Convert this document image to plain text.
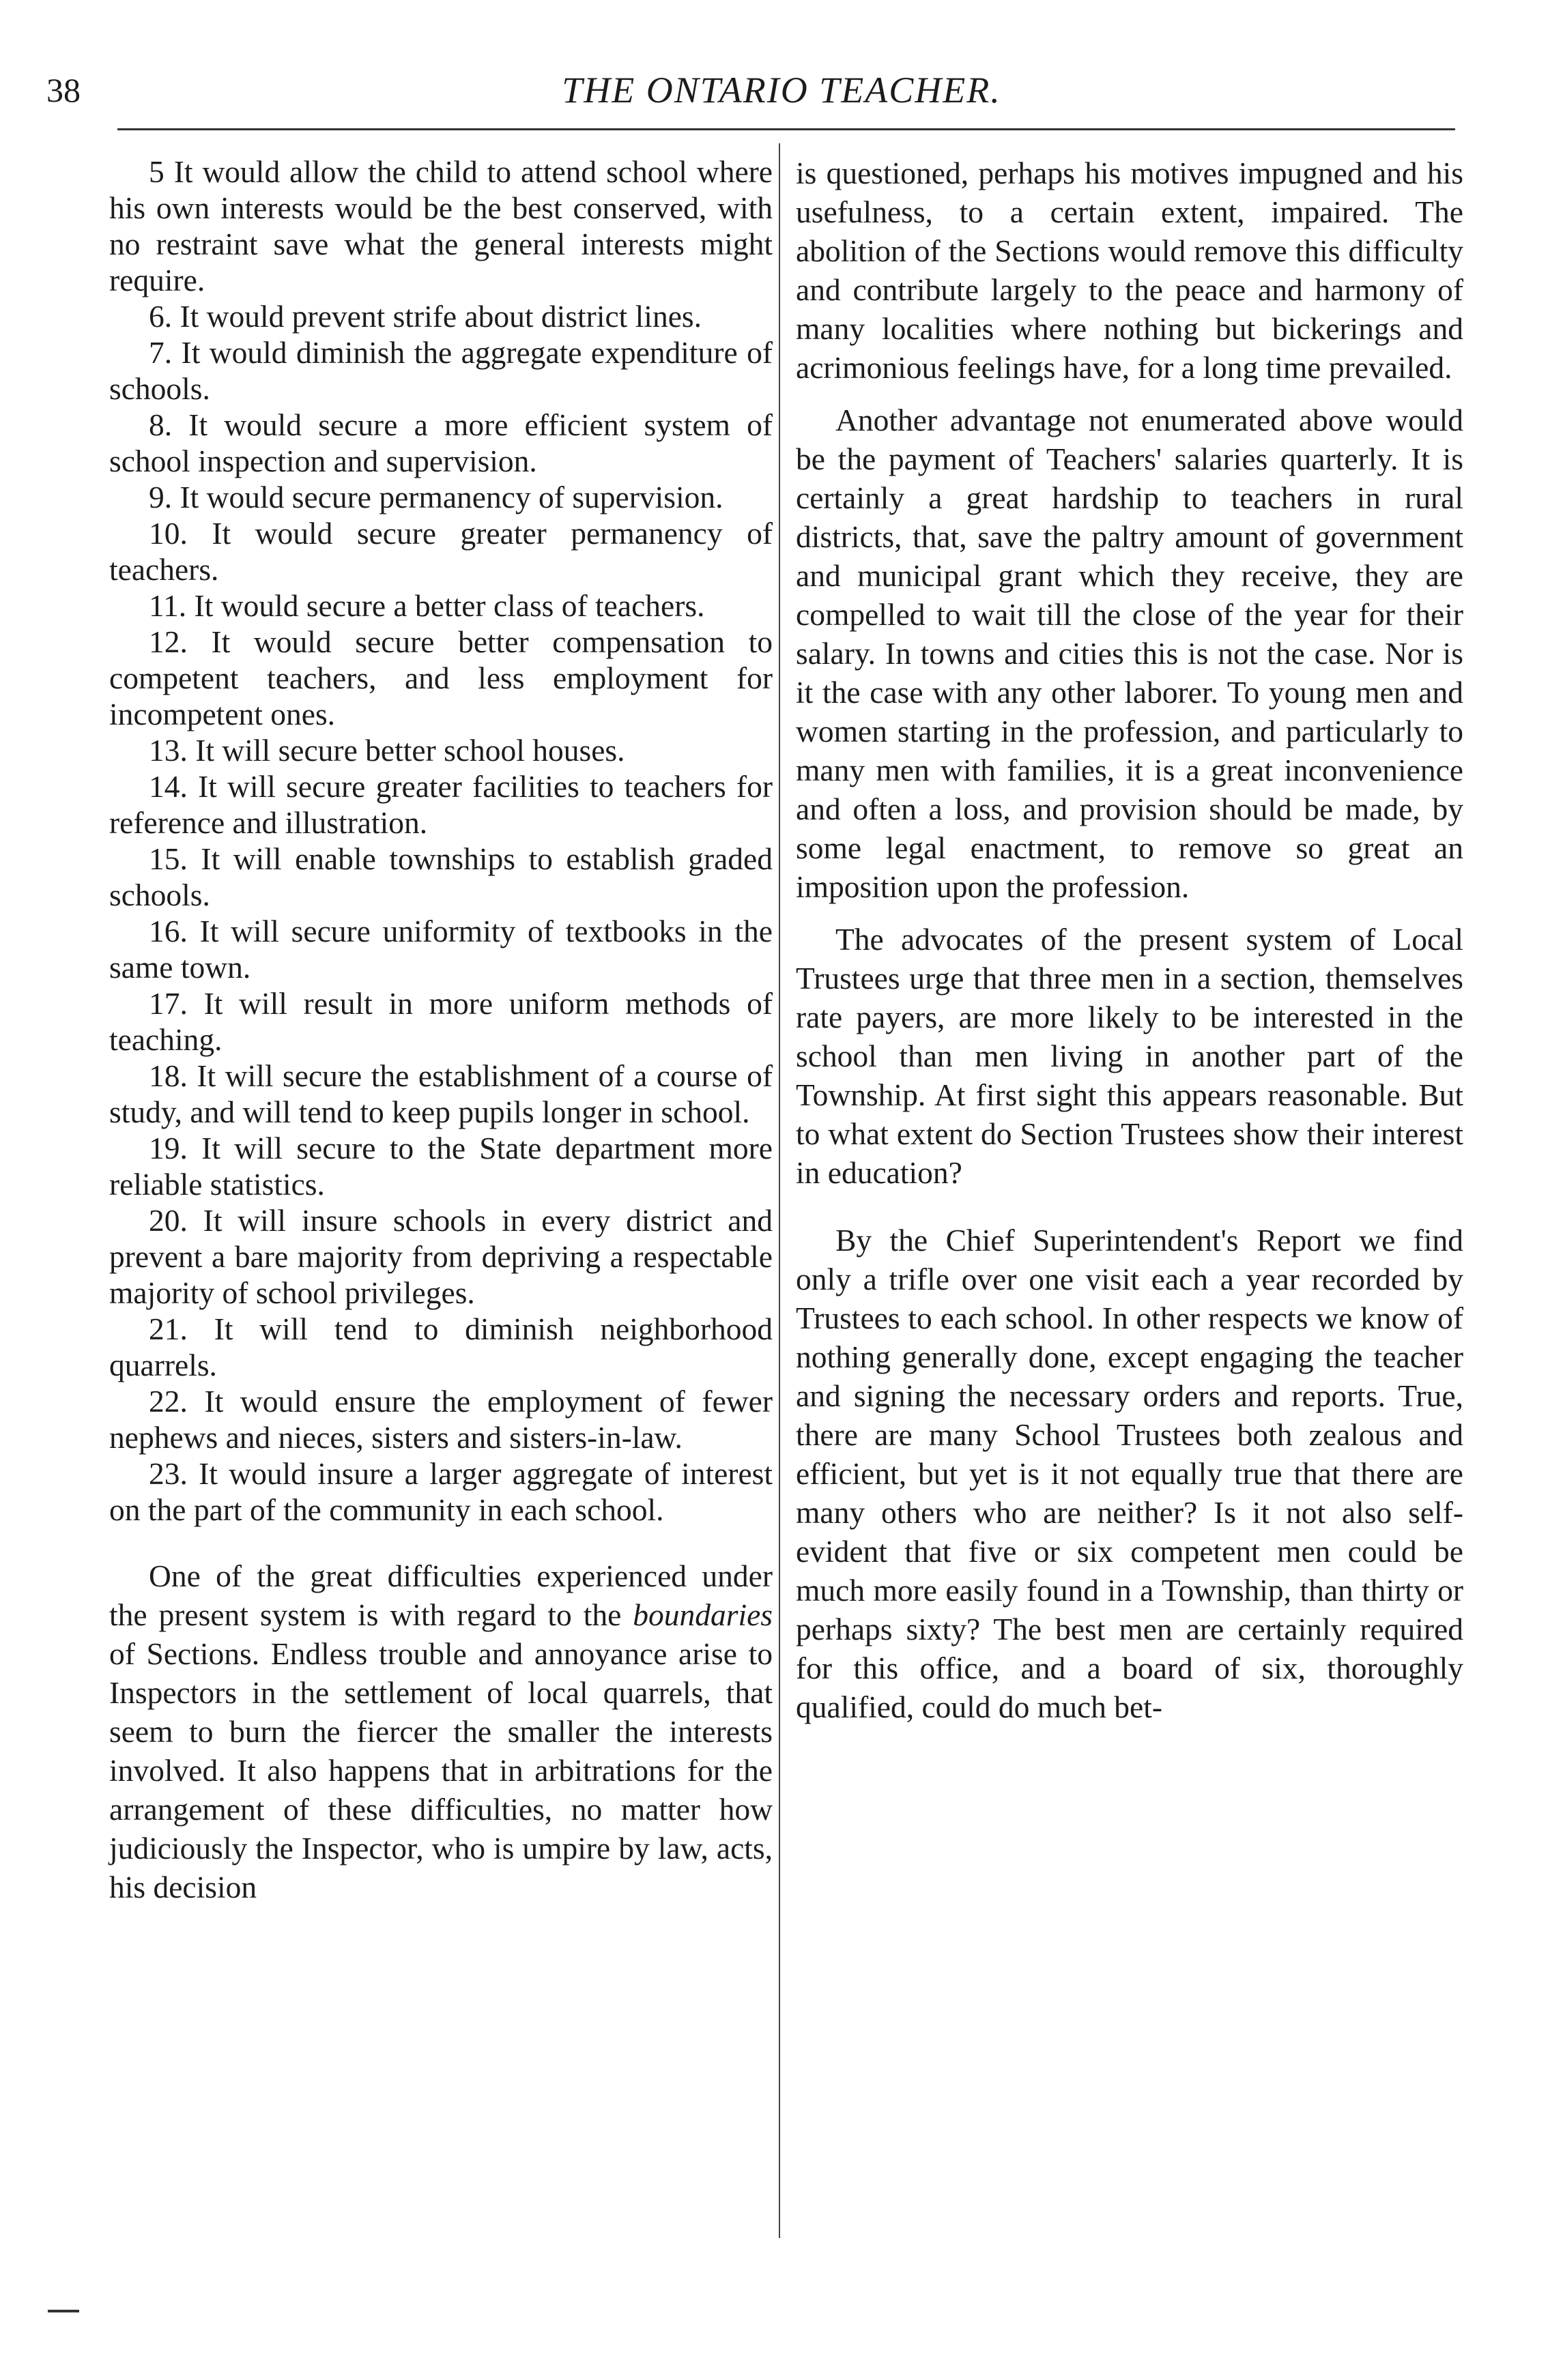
38	THE ONTARIO TEACHER.

5 It would allow the child to attend school where his own interests would be the best conserved, with no restraint save what the general interests might require.

6. It would prevent strife about district lines.

7. It would diminish the aggregate expenditure of schools.

8. It would secure a more efficient system of school inspection and supervision.

9. It would secure permanency of supervision.

10. It would secure greater permanency of teachers.

11. It would secure a better class of teachers.

12. It would secure better compensation to competent teachers, and less employment for incompetent ones.

13. It will secure better school houses.

14. It will secure greater facilities to teachers for reference and illustration.

15. It will enable townships to establish graded schools.

16. It will secure uniformity of textbooks in the same town.

17. It will result in more uniform methods of teaching.

18. It will secure the establishment of a course of study, and will tend to keep pupils longer in school.

19. It will secure to the State department more reliable statistics.

20. It will insure schools in every district and prevent a bare majority from depriving a respectable majority of school privileges.

21. It will tend to diminish neighborhood quarrels.

22. It would ensure the employment of fewer nephews and nieces, sisters and sisters-in-law.

23. It would insure a larger aggregate of interest on the part of the community in each school.

One of the great difficulties experienced under the present system is with regard to the boundaries of Sections. Endless trouble and annoyance arise to Inspectors in the settlement of local quarrels, that seem to burn the fiercer the smaller the interests involved. It also happens that in arbitrations for the arrangement of these difficulties, no matter how judiciously the Inspector, who is umpire by law, acts, his decision

is questioned, perhaps his motives impugned and his usefulness, to a certain extent, impaired. The abolition of the Sections would remove this difficulty and contribute largely to the peace and harmony of many localities where nothing but bickerings and acrimonious feelings have, for a long time prevailed.

Another advantage not enumerated above would be the payment of Teachers' salaries quarterly. It is certainly a great hardship to teachers in rural districts, that, save the paltry amount of government and municipal grant which they receive, they are compelled to wait till the close of the year for their salary. In towns and cities this is not the case. Nor is it the case with any other laborer. To young men and women starting in the profession, and particularly to many men with families, it is a great inconvenience and often a loss, and provision should be made, by some legal enactment, to remove so great an imposition upon the profession.

The advocates of the present system of Local Trustees urge that three men in a section, themselves rate payers, are more likely to be interested in the school than men living in another part of the Township. At first sight this appears reasonable. But to what extent do Section Trustees show their interest in education?

By the Chief Superintendent's Report we find only a trifle over one visit each a year recorded by Trustees to each school. In other respects we know of nothing generally done, except engaging the teacher and signing the necessary orders and reports. True, there are many School Trustees both zealous and efficient, but yet is it not equally true that there are many others who are neither? Is it not also self-evident that five or six competent men could be much more easily found in a Township, than thirty or perhaps sixty? The best men are certainly required for this office, and a board of six, thoroughly qualified, could do much bet-
